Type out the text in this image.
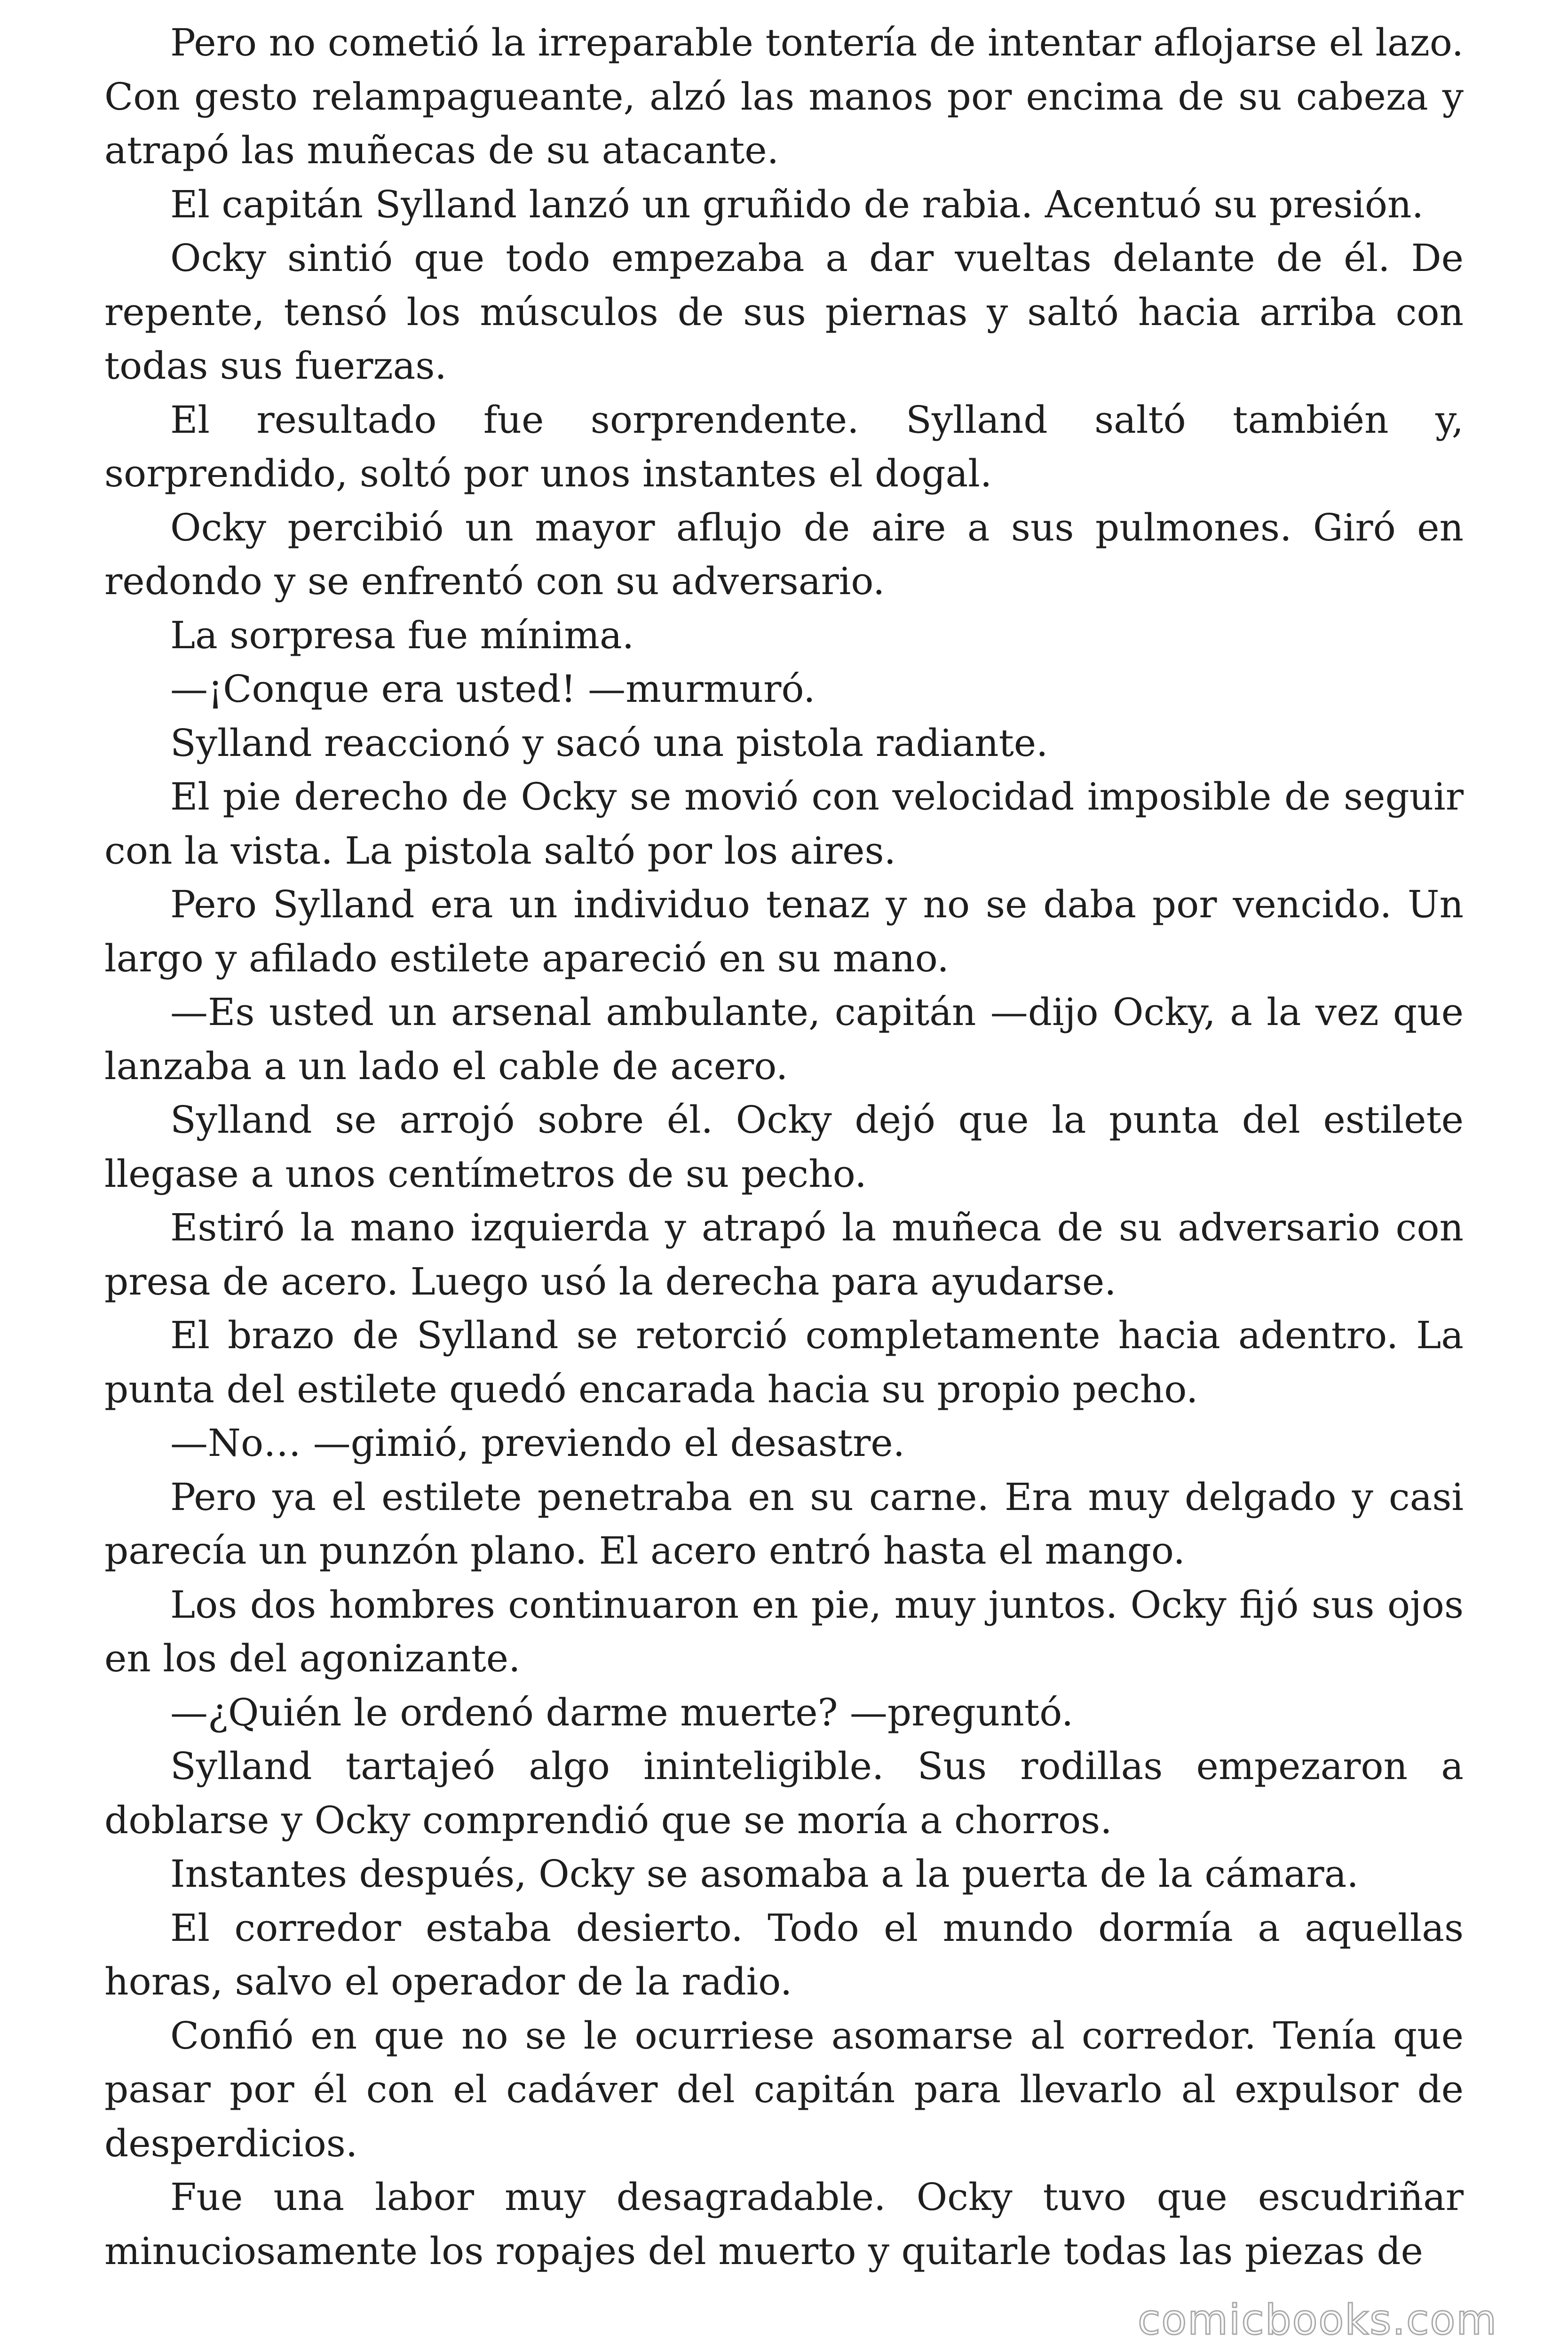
Pero no cometió la irreparable tontería de intentar aflojarse el lazo. Con gesto relampagueante, alzó las manos por encima de su cabeza y atrapó las muñecas de su atacante.

El capitán Sylland lanzó un gruñido de rabia. Acentuó su presión.

Ocky sintió que todo empezaba a dar vueltas delante de él. De repente, tensó los músculos de sus piernas y saltó hacia arriba con todas sus fuerzas.

El resultado fue sorprendente. Sylland saltó también y, sorprendido, soltó por unos instantes el dogal.

Ocky percibió un mayor aflujo de aire a sus pulmones. Giró en redondo y se enfrentó con su adversario.

La sorpresa fue mínima.

—¡Conque era usted! —murmuró.

Sylland reaccionó y sacó una pistola radiante.

El pie derecho de Ocky se movió con velocidad imposible de seguir con la vista. La pistola saltó por los aires.

Pero Sylland era un individuo tenaz y no se daba por vencido. Un largo y afilado estilete apareció en su mano.

—Es usted un arsenal ambulante, capitán —dijo Ocky, a la vez que lanzaba a un lado el cable de acero.

Sylland se arrojó sobre él. Ocky dejó que la punta del estilete llegase a unos centímetros de su pecho.

Estiró la mano izquierda y atrapó la muñeca de su adversario con presa de acero. Luego usó la derecha para ayudarse.

El brazo de Sylland se retorció completamente hacia adentro. La punta del estilete quedó encarada hacia su propio pecho.

—No… —gimió, previendo el desastre.

Pero ya el estilete penetraba en su carne. Era muy delgado y casi parecía un punzón plano. El acero entró hasta el mango.

Los dos hombres continuaron en pie, muy juntos. Ocky fijó sus ojos en los del agonizante.

—¿Quién le ordenó darme muerte? —preguntó.

Sylland tartajeó algo ininteligible. Sus rodillas empezaron a doblarse y Ocky comprendió que se moría a chorros.

Instantes después, Ocky se asomaba a la puerta de la cámara.

El corredor estaba desierto. Todo el mundo dormía a aquellas horas, salvo el operador de la radio.

Confió en que no se le ocurriese asomarse al corredor. Tenía que pasar por él con el cadáver del capitán para llevarlo al expulsor de desperdicios.

Fue una labor muy desagradable. Ocky tuvo que escudriñar minuciosamente los ropajes del muerto y quitarle todas las piezas de

comicbooks.com
